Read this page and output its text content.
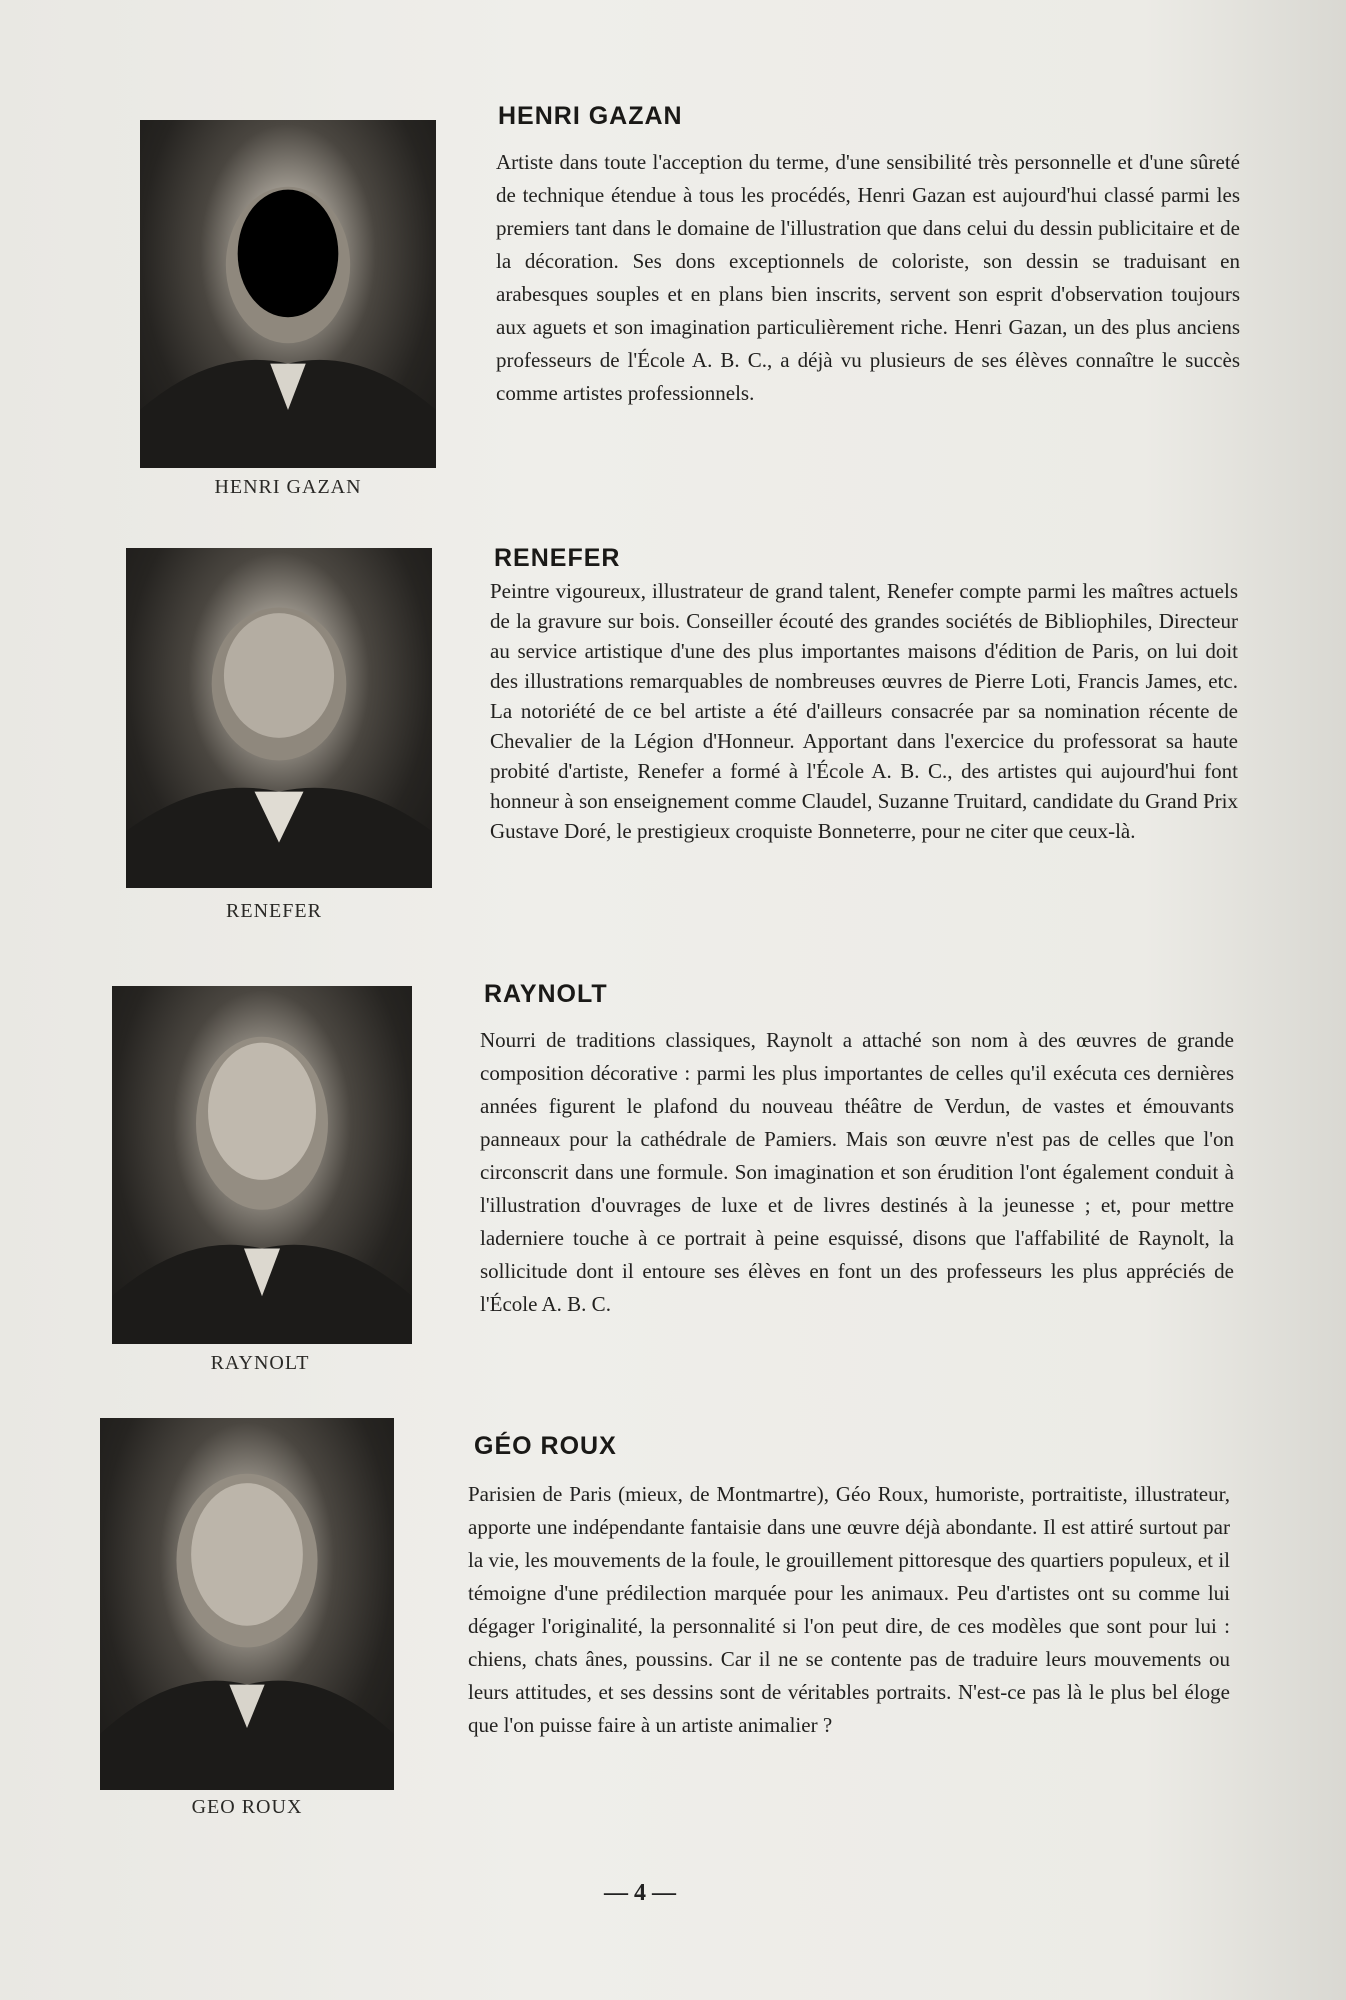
HENRI GAZAN
HENRI GAZAN

Artiste dans toute l'acception du terme, d'une sensibilité très personnelle et d'une sûreté de technique étendue à tous les procédés, Henri Gazan est aujourd'hui classé parmi les premiers tant dans le domaine de l'illustration que dans celui du dessin publicitaire et de la décoration. Ses dons exceptionnels de coloriste, son dessin se traduisant en arabesques souples et en plans bien inscrits, servent son esprit d'observation toujours aux aguets et son imagination particulièrement riche. Henri Gazan, un des plus anciens professeurs de l'École A. B. C., a déjà vu plusieurs de ses élèves connaître le succès comme artistes professionnels.

RENEFER
RENEFER

Peintre vigoureux, illustrateur de grand talent, Renefer compte parmi les maîtres actuels de la gravure sur bois. Conseiller écouté des grandes sociétés de Bibliophiles, Directeur au service artistique d'une des plus importantes maisons d'édition de Paris, on lui doit des illustrations remarquables de nombreuses œuvres de Pierre Loti, Francis James, etc. La notoriété de ce bel artiste a été d'ailleurs consacrée par sa nomination récente de Chevalier de la Légion d'Honneur. Apportant dans l'exercice du professorat sa haute probité d'artiste, Renefer a formé à l'École A. B. C., des artistes qui aujourd'hui font honneur à son enseignement comme Claudel, Suzanne Truitard, candidate du Grand Prix Gustave Doré, le prestigieux croquiste Bonneterre, pour ne citer que ceux-là.

RAYNOLT
RAYNOLT

Nourri de traditions classiques, Raynolt a attaché son nom à des œuvres de grande composition décorative : parmi les plus importantes de celles qu'il exécuta ces dernières années figurent le plafond du nouveau théâtre de Verdun, de vastes et émouvants panneaux pour la cathédrale de Pamiers. Mais son œuvre n'est pas de celles que l'on circonscrit dans une formule. Son imagination et son érudition l'ont également conduit à l'illustration d'ouvrages de luxe et de livres destinés à la jeunesse ; et, pour mettre laderniere touche à ce portrait à peine esquissé, disons que l'affabilité de Raynolt, la sollicitude dont il entoure ses élèves en font un des professeurs les plus appréciés de l'École A. B. C.

GEO ROUX
GÉO ROUX

Parisien de Paris (mieux, de Montmartre), Géo Roux, humoriste, portraitiste, illustrateur, apporte une indépendante fantaisie dans une œuvre déjà abondante. Il est attiré surtout par la vie, les mouvements de la foule, le grouillement pittoresque des quartiers populeux, et il témoigne d'une prédilection marquée pour les animaux. Peu d'artistes ont su comme lui dégager l'originalité, la personnalité si l'on peut dire, de ces modèles que sont pour lui : chiens, chats ânes, poussins. Car il ne se contente pas de traduire leurs mouvements ou leurs attitudes, et ses dessins sont de véritables portraits. N'est-ce pas là le plus bel éloge que l'on puisse faire à un artiste animalier ?

— 4 —
